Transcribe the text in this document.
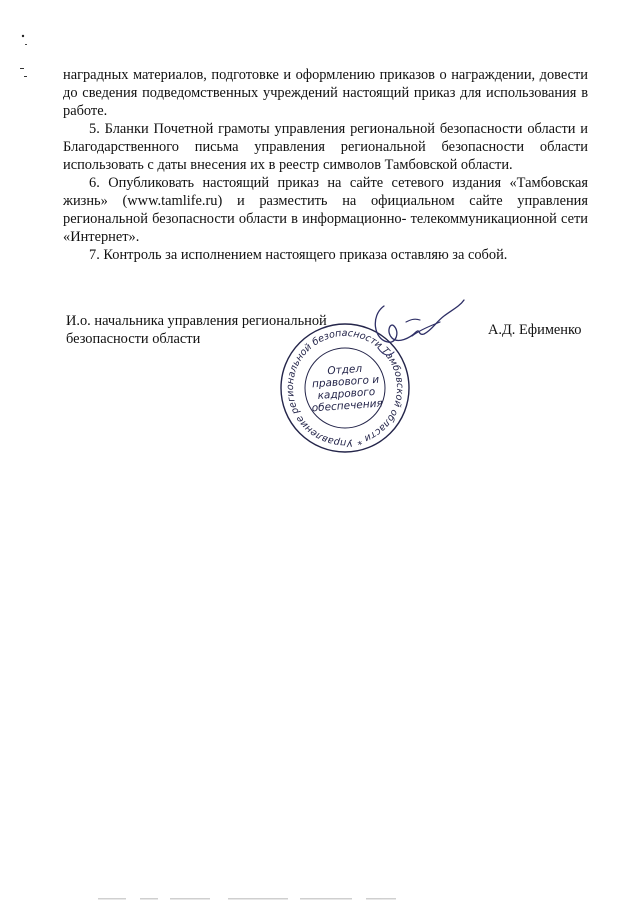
наградных материалов, подготовке и оформлению приказов о награждении, довести до сведения подведомственных учреждений настоящий приказ для использования в работе.

5. Бланки Почетной грамоты управления региональной безопасности области и Благодарственного письма управления региональной безопасности области использовать с даты внесения их в реестр символов Тамбовской области.

6. Опубликовать настоящий приказ на сайте сетевого издания «Тамбовская жизнь» (www.tamlife.ru) и разместить на официальном сайте управления региональной безопасности области в информационно- телекоммуникационной сети «Интернет».

7. Контроль за исполнением настоящего приказа оставляю за собой.

И.о. начальника управления региональной безопасности области
А.Д. Ефименко
Управление региональной безопасности Тамбовской области *
Отдел
правового и
кадрового
обеспечения
